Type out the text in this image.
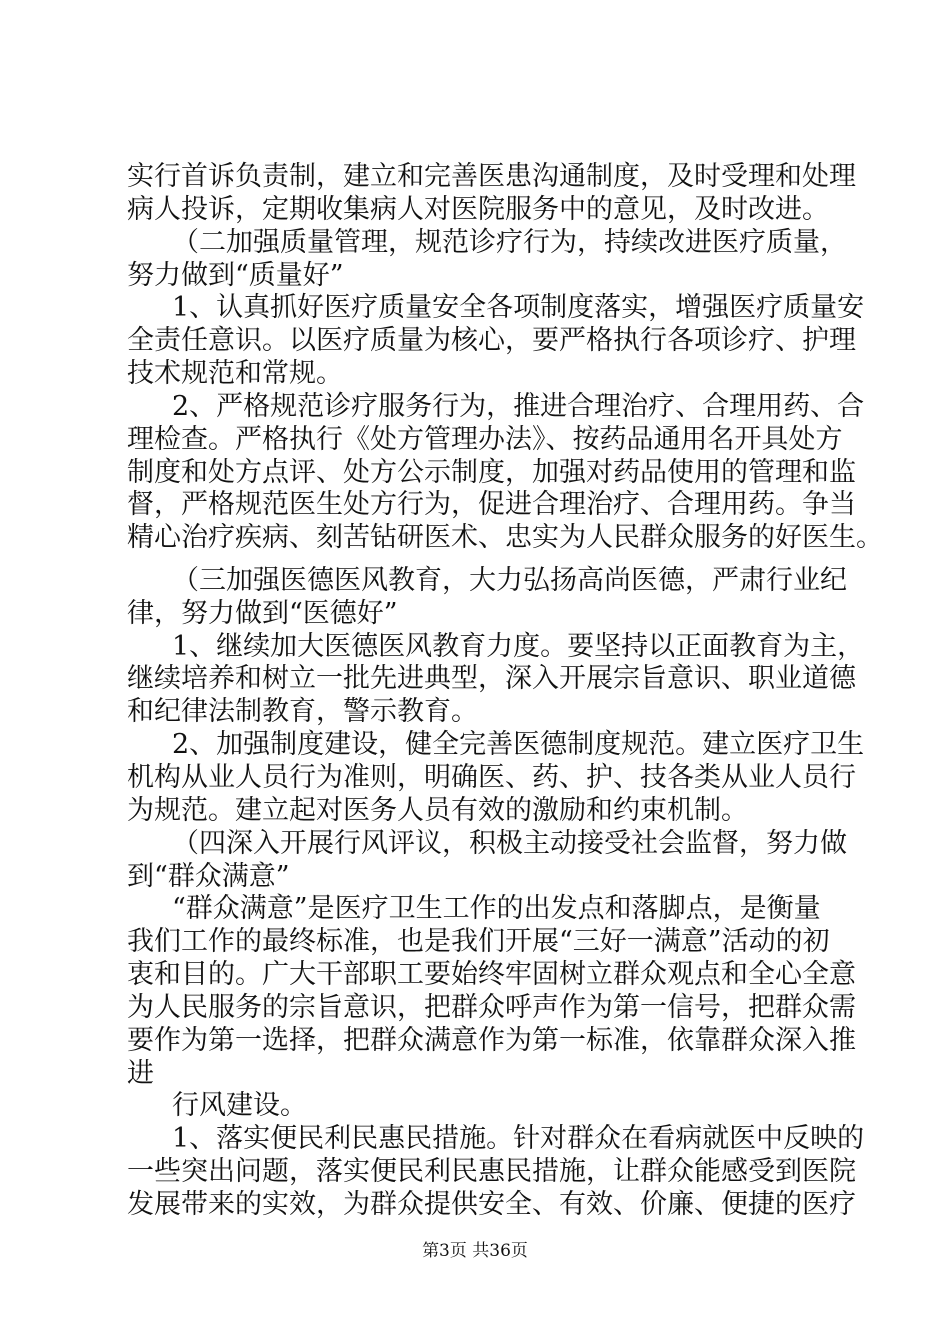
实行首诉负责制，建立和完善医患沟通制度，及时受理和处理
病人投诉，定期收集病人对医院服务中的意见，及时改进。
（二加强质量管理，规范诊疗行为，持续改进医疗质量，
努力做到“质量好”
1、认真抓好医疗质量安全各项制度落实，增强医疗质量安
全责任意识。以医疗质量为核心，要严格执行各项诊疗、护理
技术规范和常规。
2、严格规范诊疗服务行为，推进合理治疗、合理用药、合
理检查。严格执行《处方管理办法》、按药品通用名开具处方
制度和处方点评、处方公示制度，加强对药品使用的管理和监
督，严格规范医生处方行为，促进合理治疗、合理用药。争当
精心治疗疾病、刻苦钻研医术、忠实为人民群众服务的好医生。
（三加强医德医风教育，大力弘扬高尚医德，严肃行业纪
律，努力做到“医德好”
1、继续加大医德医风教育力度。要坚持以正面教育为主，
继续培养和树立一批先进典型，深入开展宗旨意识、职业道德
和纪律法制教育，警示教育。
2、加强制度建设，健全完善医德制度规范。建立医疗卫生
机构从业人员行为准则，明确医、药、护、技各类从业人员行
为规范。建立起对医务人员有效的激励和约束机制。
（四深入开展行风评议，积极主动接受社会监督，努力做
到“群众满意”
“群众满意”是医疗卫生工作的出发点和落脚点，是衡量
我们工作的最终标准，也是我们开展“三好一满意”活动的初
衷和目的。广大干部职工要始终牢固树立群众观点和全心全意
为人民服务的宗旨意识，把群众呼声作为第一信号，把群众需
要作为第一选择，把群众满意作为第一标准，依靠群众深入推
进
行风建设。
1、落实便民利民惠民措施。针对群众在看病就医中反映的
一些突出问题，落实便民利民惠民措施，让群众能感受到医院
发展带来的实效，为群众提供安全、有效、价廉、便捷的医疗
第3页 共36页
